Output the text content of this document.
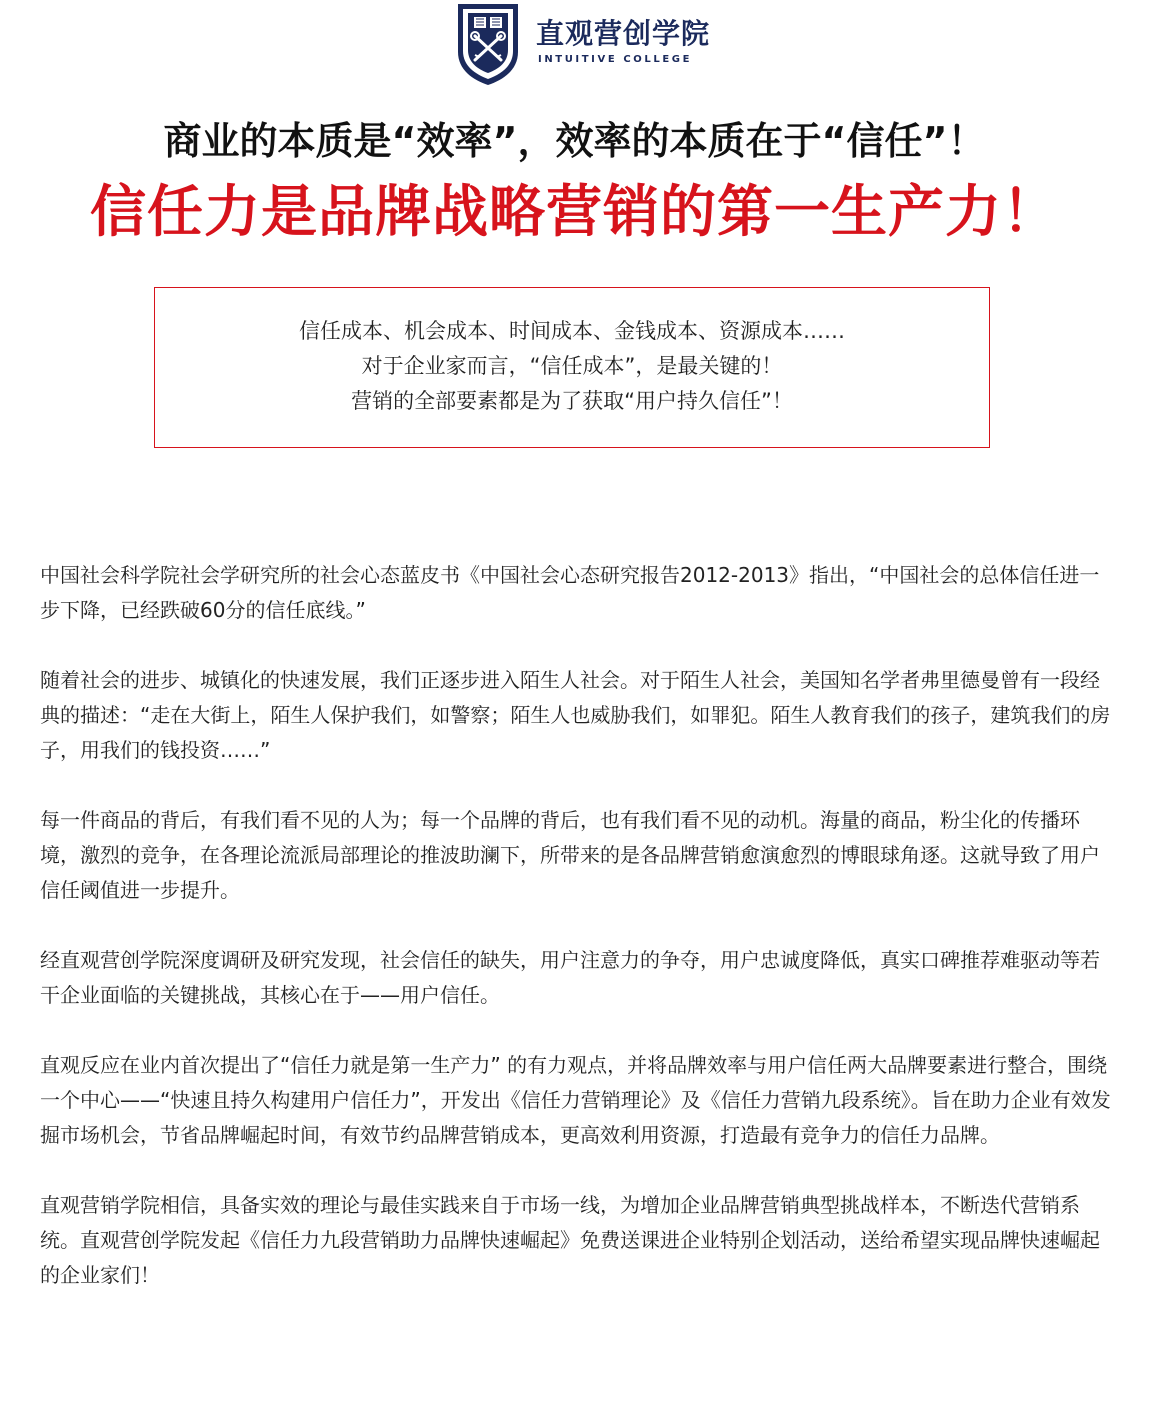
直观营创学院
INTUITIVE COLLEGE
商业的本质是“效率”，效率的本质在于“信任”！
信任力是品牌战略营销的第一生产力！
信任成本、机会成本、时间成本、金钱成本、资源成本……
对于企业家而言，“信任成本”，是最关键的！
营销的全部要素都是为了获取“用户持久信任”！

中国社会科学院社会学研究所的社会心态蓝皮书《中国社会心态研究报告2012-2013》指出，“中国社会的总体信任进一步下降，已经跌破60分的信任底线。”

随着社会的进步、城镇化的快速发展，我们正逐步进入陌生人社会。对于陌生人社会，美国知名学者弗里德曼曾有一段经典的描述：“走在大街上，陌生人保护我们，如警察；陌生人也威胁我们，如罪犯。陌生人教育我们的孩子，建筑我们的房子，用我们的钱投资……”

每一件商品的背后，有我们看不见的人为；每一个品牌的背后，也有我们看不见的动机。海量的商品，粉尘化的传播环境，激烈的竞争，在各理论流派局部理论的推波助澜下，所带来的是各品牌营销愈演愈烈的博眼球角逐。这就导致了用户信任阈值进一步提升。

经直观营创学院深度调研及研究发现，社会信任的缺失，用户注意力的争夺，用户忠诚度降低，真实口碑推荐难驱动等若干企业面临的关键挑战，其核心在于——用户信任。

直观反应在业内首次提出了“信任力就是第一生产力” 的有力观点，并将品牌效率与用户信任两大品牌要素进行整合，围绕一个中心——“快速且持久构建用户信任力”，开发出《信任力营销理论》及《信任力营销九段系统》。旨在助力企业有效发掘市场机会，节省品牌崛起时间，有效节约品牌营销成本，更高效利用资源，打造最有竞争力的信任力品牌。

直观营销学院相信，具备实效的理论与最佳实践来自于市场一线，为增加企业品牌营销典型挑战样本，不断迭代营销系统。直观营创学院发起《信任力九段营销助力品牌快速崛起》免费送课进企业特别企划活动，送给希望实现品牌快速崛起的企业家们！
